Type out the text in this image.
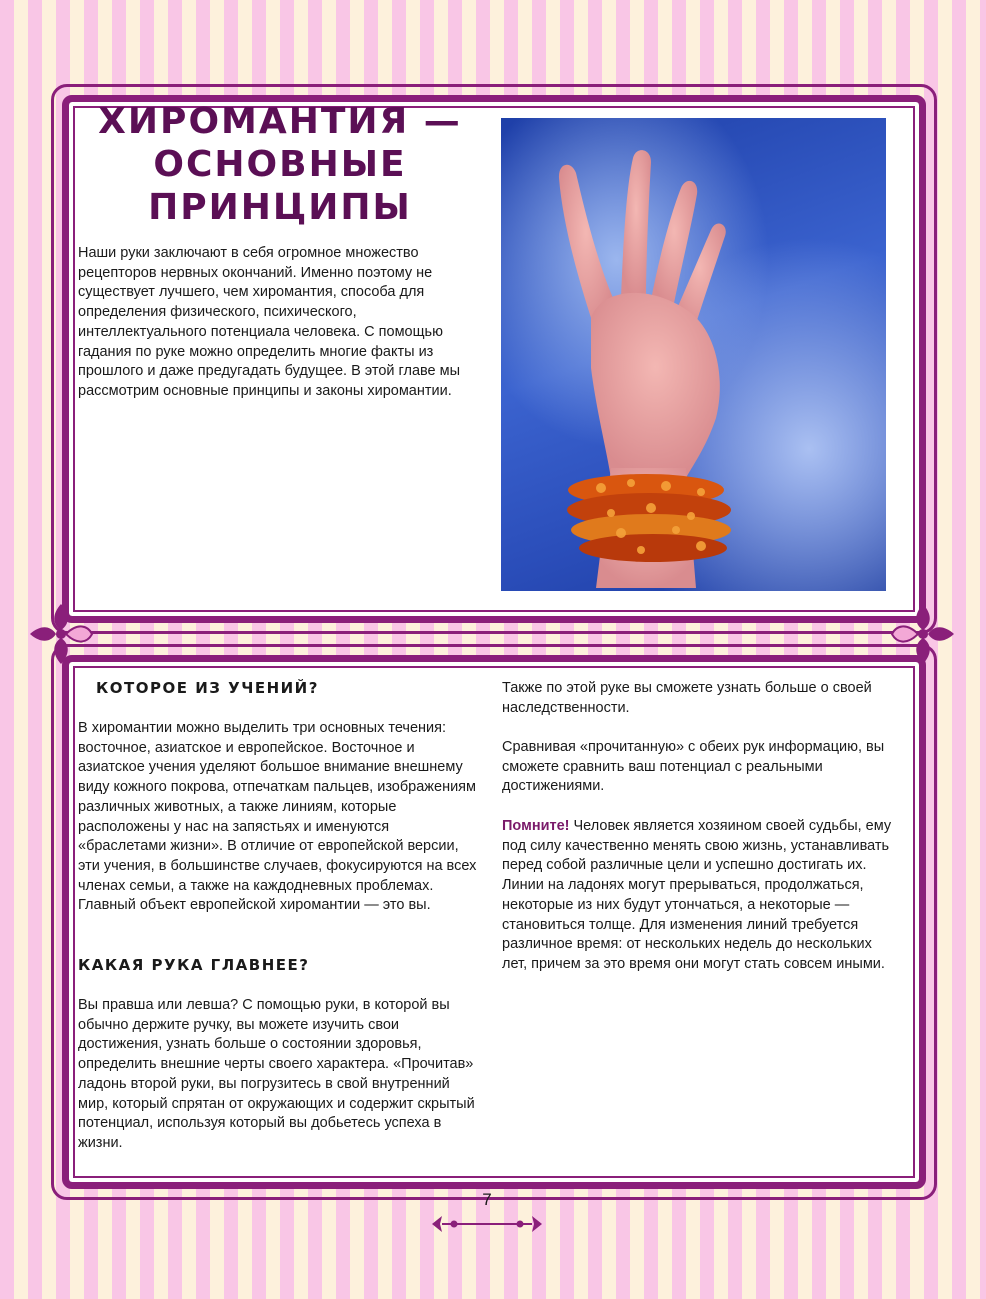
ХИРОМАНТИЯ — ОСНОВНЫЕ ПРИНЦИПЫ

Наши руки заключают в себя огромное множество рецепторов нервных окончаний. Именно поэтому не существует лучшего, чем хиромантия, способа для определения физического, психического, интеллектуального потенциала человека. С помощью гадания по руке можно определить многие факты из прошлого и даже предугадать будущее. В этой главе мы рассмотрим основные принципы и законы хиромантии.

КОТОРОЕ ИЗ УЧЕНИЙ?

В хиромантии можно выделить три основных течения: восточное, азиатское и европейское. Восточное и азиатское учения уделяют большое внимание внешнему виду кожного покрова, отпечаткам пальцев, изображениям различных животных, а также линиям, которые расположены у нас на запястьях и именуются «браслетами жизни». В отличие от европейской версии, эти учения, в большинстве случаев, фокусируются на всех членах семьи, а также на каждодневных проблемах. Главный объект европейской хиромантии — это вы.

КАКАЯ РУКА ГЛАВНЕЕ?

Вы правша или левша? С помощью руки, в которой вы обычно держите ручку, вы можете изучить свои достижения, узнать больше о состоянии здоровья, определить внешние черты своего характера. «Прочитав» ладонь второй руки, вы погрузитесь в свой внутренний мир, который спрятан от окружающих и содержит скрытый потенциал, используя который вы добьетесь успеха в жизни.

Также по этой руке вы сможете узнать больше о своей наследственности.

Сравнивая «прочитанную» с обеих рук информацию, вы сможете сравнить ваш потенциал с реальными достижениями.

Помните! Человек является хозяином своей судьбы, ему под силу качественно менять свою жизнь, устанавливать перед собой различные цели и успешно достигать их. Линии на ладонях могут прерываться, продолжаться, некоторые из них будут утончаться, а некоторые — становиться толще. Для изменения линий требуется различное время: от нескольких недель до нескольких лет, причем за это время они могут стать совсем иными.

7
